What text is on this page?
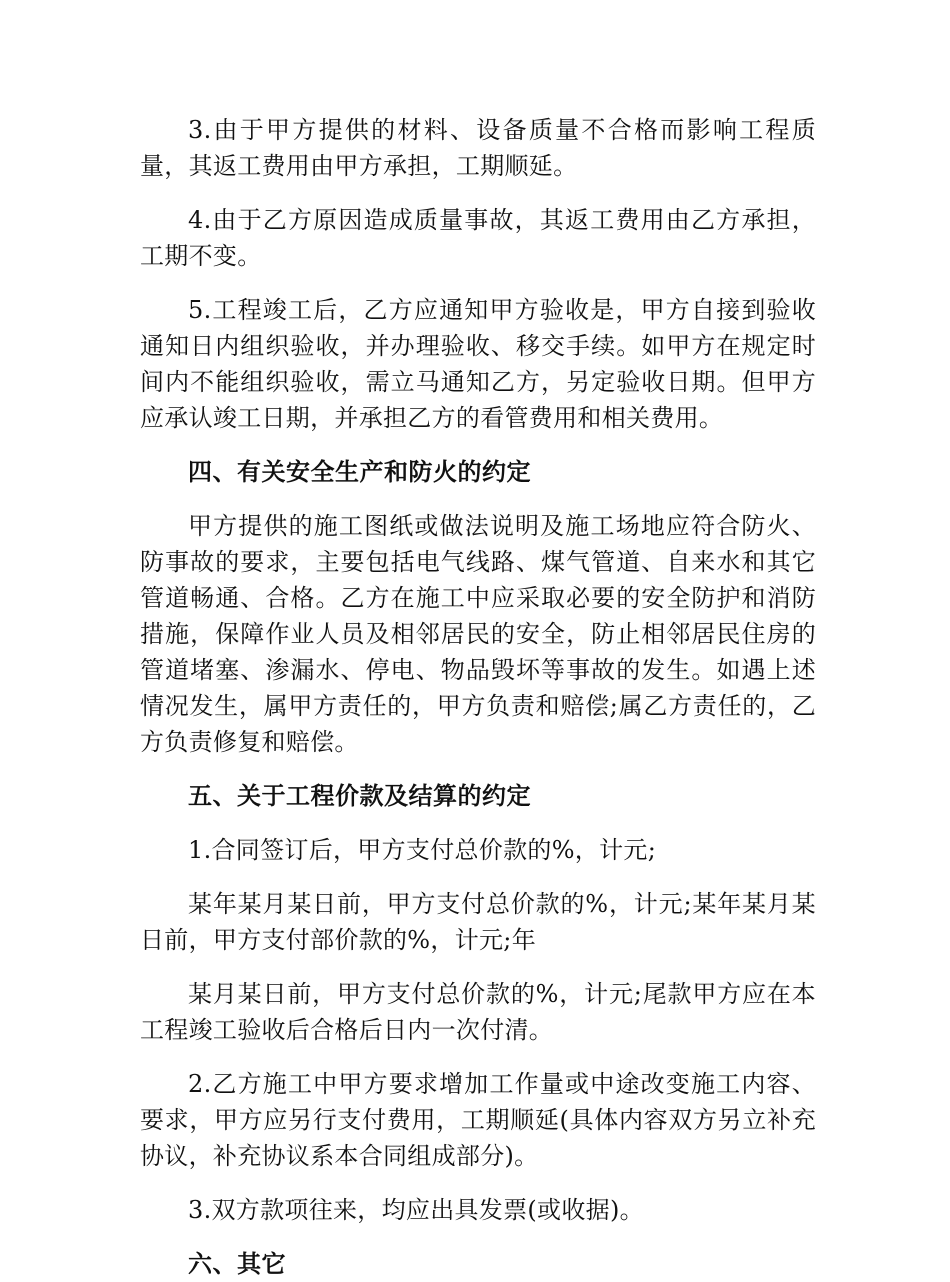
3.由于甲方提供的材料、设备质量不合格而影响工程质量，其返工费用由甲方承担，工期顺延。

4.由于乙方原因造成质量事故，其返工费用由乙方承担，工期不变。

5.工程竣工后，乙方应通知甲方验收是，甲方自接到验收通知日内组织验收，并办理验收、移交手续。如甲方在规定时间内不能组织验收，需立马通知乙方，另定验收日期。但甲方应承认竣工日期，并承担乙方的看管费用和相关费用。

四、有关安全生产和防火的约定

甲方提供的施工图纸或做法说明及施工场地应符合防火、防事故的要求，主要包括电气线路、煤气管道、自来水和其它管道畅通、合格。乙方在施工中应采取必要的安全防护和消防措施，保障作业人员及相邻居民的安全，防止相邻居民住房的管道堵塞、渗漏水、停电、物品毁坏等事故的发生。如遇上述情况发生，属甲方责任的，甲方负责和赔偿;属乙方责任的，乙方负责修复和赔偿。

五、关于工程价款及结算的约定

1.合同签订后，甲方支付总价款的%，计元;

某年某月某日前，甲方支付总价款的%，计元;某年某月某日前，甲方支付部价款的%，计元;年

某月某日前，甲方支付总价款的%，计元;尾款甲方应在本工程竣工验收后合格后日内一次付清。

2.乙方施工中甲方要求增加工作量或中途改变施工内容、要求，甲方应另行支付费用，工期顺延(具体内容双方另立补充协议，补充协议系本合同组成部分)。

3.双方款项往来，均应出具发票(或收据)。

六、其它
